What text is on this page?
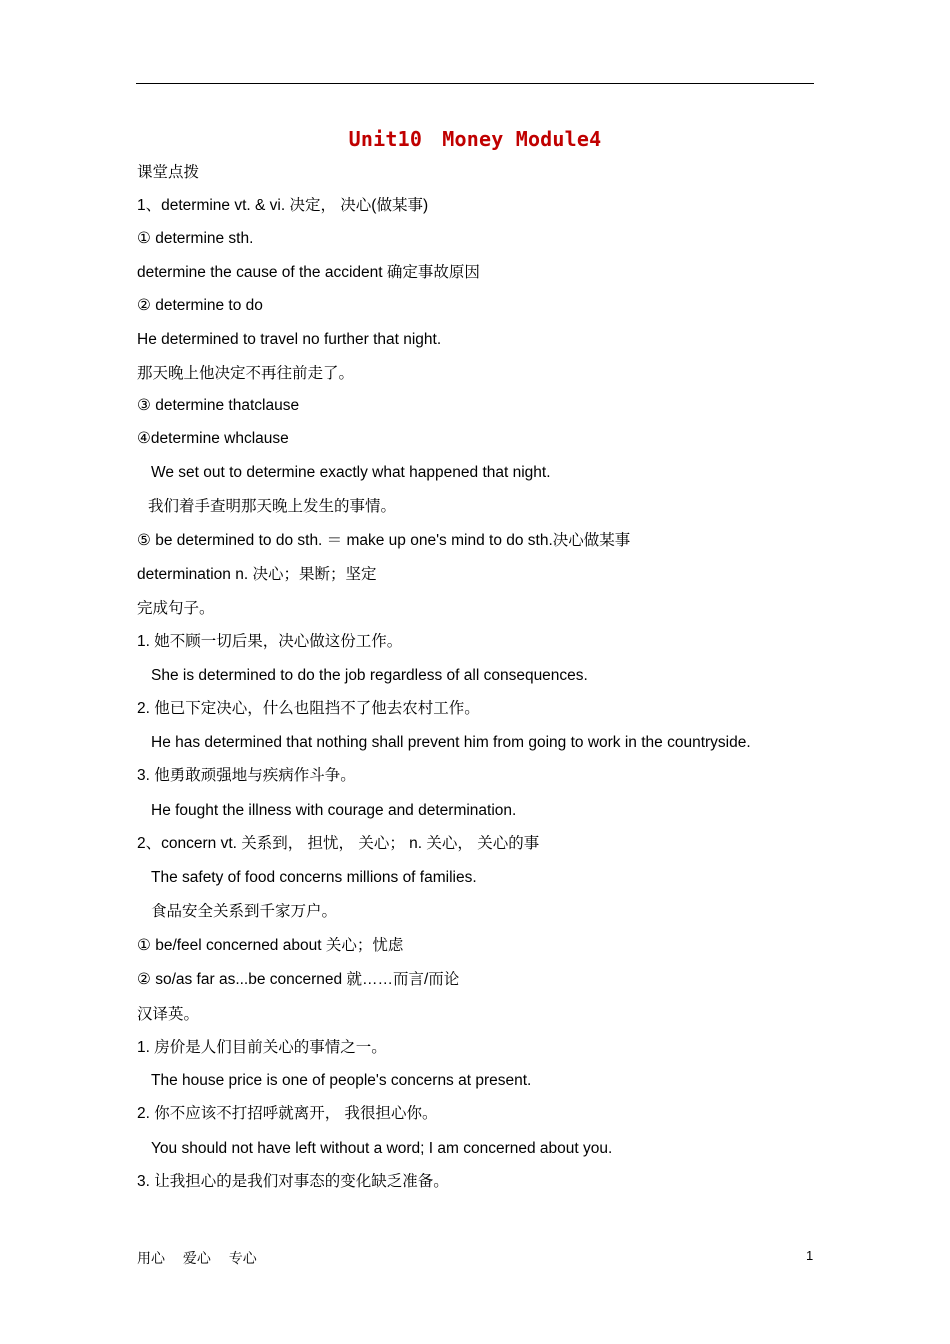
Unit10　Money Module4
课堂点拨
1、determine vt. & vi. 决定， 决心(做某事)
① determine sth.
determine the cause of the accident 确定事故原因
② determine to do
He determined to travel no further that night.
那天晚上他决定不再往前走了。
③ determine thatclause
④determine whclause
We set out to determine exactly what happened that night.
我们着手查明那天晚上发生的事情。
⑤ be determined to do sth. ＝ make up one's mind to do sth.决心做某事
determination n. 决心；果断；坚定
完成句子。
1. 她不顾一切后果，决心做这份工作。
She is determined to do the job regardless of all consequences.
2. 他已下定决心，什么也阻挡不了他去农村工作。
He has determined that nothing shall prevent him from going to work in the countryside.
3. 他勇敢顽强地与疾病作斗争。
He fought the illness with courage and determination.
2、concern vt. 关系到， 担忧， 关心； n. 关心， 关心的事
The safety of food concerns millions of families.
食品安全关系到千家万户。
① be/feel concerned about 关心；忧虑
② so/as far as...be concerned 就……而言/而论
汉译英。
1. 房价是人们目前关心的事情之一。
The house price is one of people's concerns at present.
2. 你不应该不打招呼就离开， 我很担心你。
You should not have left without a word; I am concerned about you.
3. 让我担心的是我们对事态的变化缺乏准备。
用心 爱心 专心	1
